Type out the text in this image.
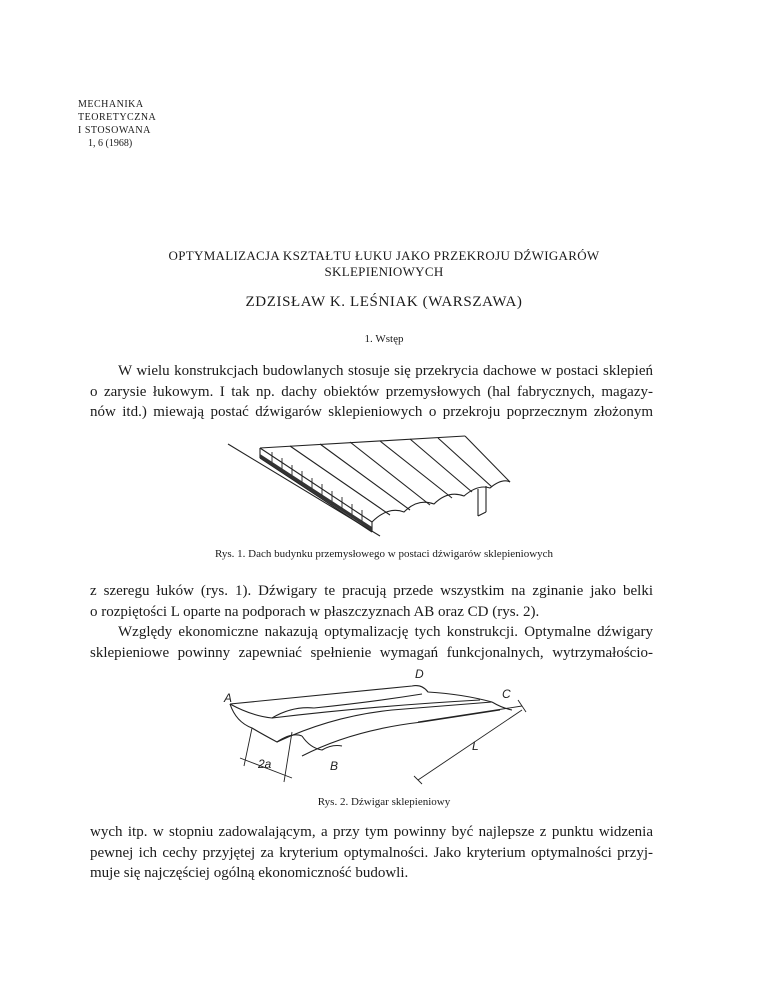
MECHANIKA
TEORETYCZNA
I STOSOWANA
1, 6 (1968)
OPTYMALIZACJA KSZTAŁTU ŁUKU JAKO PRZEKROJU DŹWIGARÓW
SKLEPIENIOWYCH
ZDZISŁAW K. LEŚNIAK (WARSZAWA)
1. Wstęp
W wielu konstrukcjach budowlanych stosuje się przekrycia dachowe w postaci sklepień
o zarysie łukowym. I tak np. dachy obiektów przemysłowych (hal fabrycznych, magazy-
nów itd.) miewają postać dźwigarów sklepieniowych o przekroju poprzecznym złożonym
Rys. 1. Dach budynku przemysłowego w postaci dźwigarów sklepieniowych
z szeregu łuków (rys. 1). Dźwigary te pracują przede wszystkim na zginanie jako belki
o rozpiętości L oparte na podporach w płaszczyznach AB oraz CD (rys. 2).
Względy ekonomiczne nakazują optymalizację tych konstrukcji. Optymalne dźwigary
sklepieniowe powinny zapewniać spełnienie wymagań funkcjonalnych, wytrzymałościo-
A
D
C
B
L
2a
Rys. 2. Dźwigar sklepieniowy
wych itp. w stopniu zadowalającym, a przy tym powinny być najlepsze z punktu widzenia
pewnej ich cechy przyjętej za kryterium optymalności. Jako kryterium optymalności przyj-
muje się najczęściej ogólną ekonomiczność budowli.
